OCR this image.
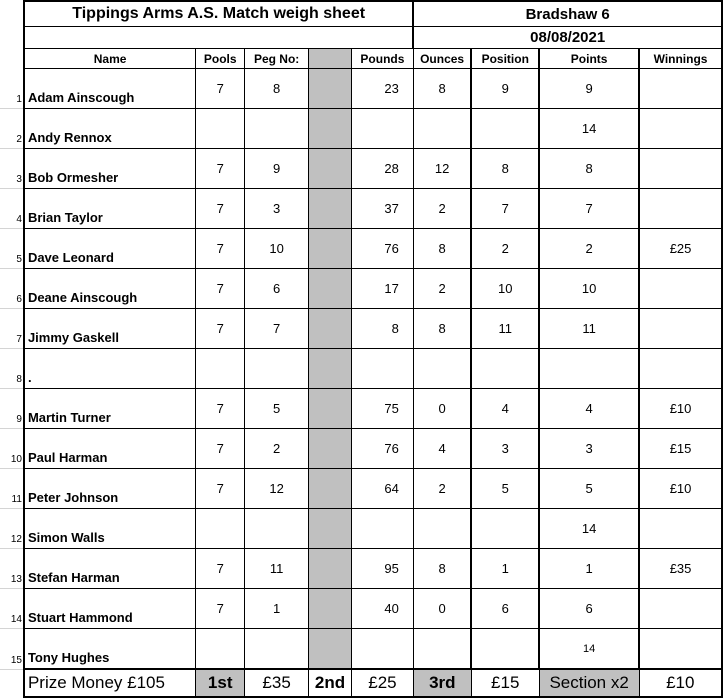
	Tippings Arms A.S. Match weigh sheet					Bradshaw 6			
						08/08/2021			
	Name	Pools	Peg No:		Pounds	Ounces	Position	Points	Winnings
1	Adam Ainscough	7	8		23	8	9	9	
2	Andy Rennox							14	
3	Bob Ormesher	7	9		28	12	8	8	
4	Brian Taylor	7	3		37	2	7	7	
5	Dave Leonard	7	10		76	8	2	2	£25
6	Deane Ainscough	7	6		17	2	10	10	
7	Jimmy Gaskell	7	7		8	8	11	11	
8	.								
9	Martin Turner	7	5		75	0	4	4	£10
10	Paul Harman	7	2		76	4	3	3	£15
11	Peter Johnson	7	12		64	2	5	5	£10
12	Simon Walls							14	
13	Stefan Harman	7	11		95	8	1	1	£35
14	Stuart Hammond	7	1		40	0	6	6	
15	Tony Hughes							14	
	Prize Money £105	1st	£35	2nd	£25	3rd	£15	Section x2	£10
